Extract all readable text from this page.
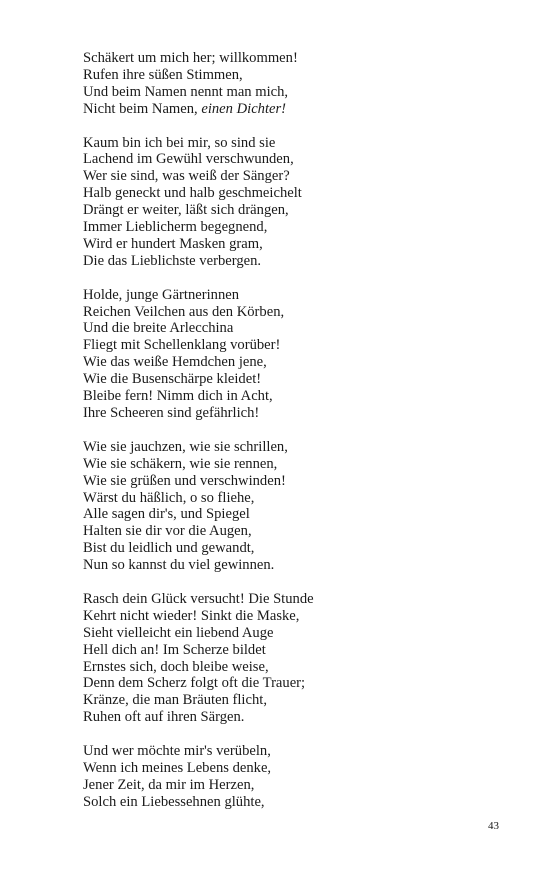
Schäkert um mich her; willkommen!
Rufen ihre süßen Stimmen,
Und beim Namen nennt man mich,
Nicht beim Namen, einen Dichter!
Kaum bin ich bei mir, so sind sie
Lachend im Gewühl verschwunden,
Wer sie sind, was weiß der Sänger?
Halb geneckt und halb geschmeichelt
Drängt er weiter, läßt sich drängen,
Immer Lieblicherm begegnend,
Wird er hundert Masken gram,
Die das Lieblichste verbergen.
Holde, junge Gärtnerinnen
Reichen Veilchen aus den Körben,
Und die breite Arlecchina
Fliegt mit Schellenklang vorüber!
Wie das weiße Hemdchen jene,
Wie die Busenschärpe kleidet!
Bleibe fern! Nimm dich in Acht,
Ihre Scheeren sind gefährlich!
Wie sie jauchzen, wie sie schrillen,
Wie sie schäkern, wie sie rennen,
Wie sie grüßen und verschwinden!
Wärst du häßlich, o so fliehe,
Alle sagen dir's, und Spiegel
Halten sie dir vor die Augen,
Bist du leidlich und gewandt,
Nun so kannst du viel gewinnen.
Rasch dein Glück versucht! Die Stunde
Kehrt nicht wieder! Sinkt die Maske,
Sieht vielleicht ein liebend Auge
Hell dich an! Im Scherze bildet
Ernstes sich, doch bleibe weise,
Denn dem Scherz folgt oft die Trauer;
Kränze, die man Bräuten flicht,
Ruhen oft auf ihren Särgen.
Und wer möchte mir's verübeln,
Wenn ich meines Lebens denke,
Jener Zeit, da mir im Herzen,
Solch ein Liebessehnen glühte,
43
